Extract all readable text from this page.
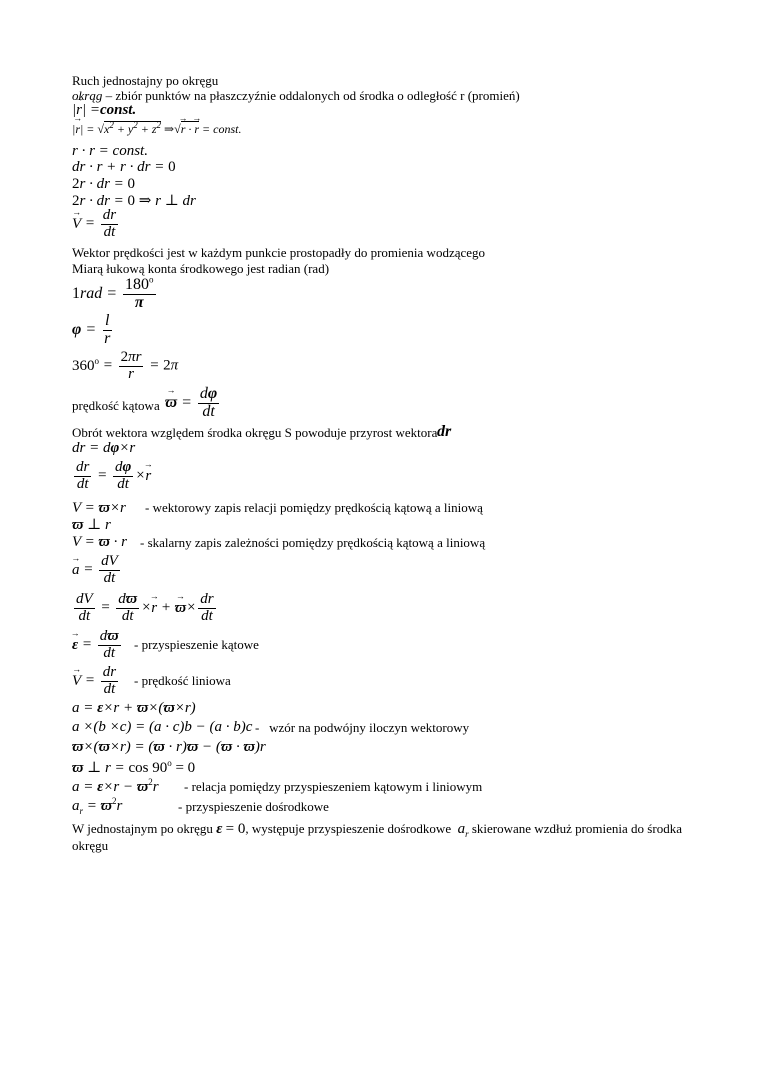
Ruch jednostajny po okręgu
okrąg – zbiór punktów na płaszczyźnie oddalonych od środka o odległość r (promień)
|→ r| =const.
|→ $r| = √x^2 + y^2 + z^2$ ⇒√→ r · → r = const.
r · r = const.
dr · r + r · dr = 0
2r · dr = 0
2r · dr = 0 ⇒ r ⊥ dr
→ $V = \frac{dr}{dt}$
Wektor prędkości jest w każdym punkcie prostopadły do promienia wodzącego
Miarą łukową konta środkowego jest radian (rad)
$1rad = \frac{180^o}{\pi}$
$\varphi = \frac{l}{r}$
$360^o = \frac{2\pi r}{r} = 2\pi$
prędkość kątowa → $ϖ = \frac{d\varphi}{dt}$
Obrót wektora względem środka okręgu S powoduje przyrost wektora dr
dr = dφ×r
$\frac{dr}{dt} = \frac{d\varphi}{dt} \times\to r$
V = ϖ×r - wektorowy zapis relacji pomiędzy prędkością kątową a liniową
ϖ ⊥ r
V = ϖ · r - skalarny zapis zależności pomiędzy prędkością kątową a liniową
→ $a = \frac{dV}{dt}$
$\frac{dV}{dt} = \frac{dϖ}{dt} \times\to r$ + → $ϖ\times \frac{dr}{dt}$
→ $\varepsilon = \frac{dϖ}{dt}$ - przyspieszenie kątowe
→ $V = \frac{dr}{dt}$ - prędkość liniowa
a = ε×r + ϖ×(ϖ×r)
a ×(b ×c) = (a · c)b − (a · b)c -   wzór na podwójny iloczyn wektorowy
ϖ×(ϖ×r) = (ϖ · r)ϖ − (ϖ · ϖ)r
ϖ ⊥ $r = \cos 90^o = 0$
$a = \varepsilon\times r - ϖ^2r$ - relacja pomiędzy przyspieszeniem kątowym i liniowym
$a_r = ϖ^2r$	- przyspieszenie dośrodkowe
W jednostajnym po okręgu ε = 0, występuje przyspieszenie dośrodkowe $a_r$ skierowane wzdłuż promienia do środka
okręgu
